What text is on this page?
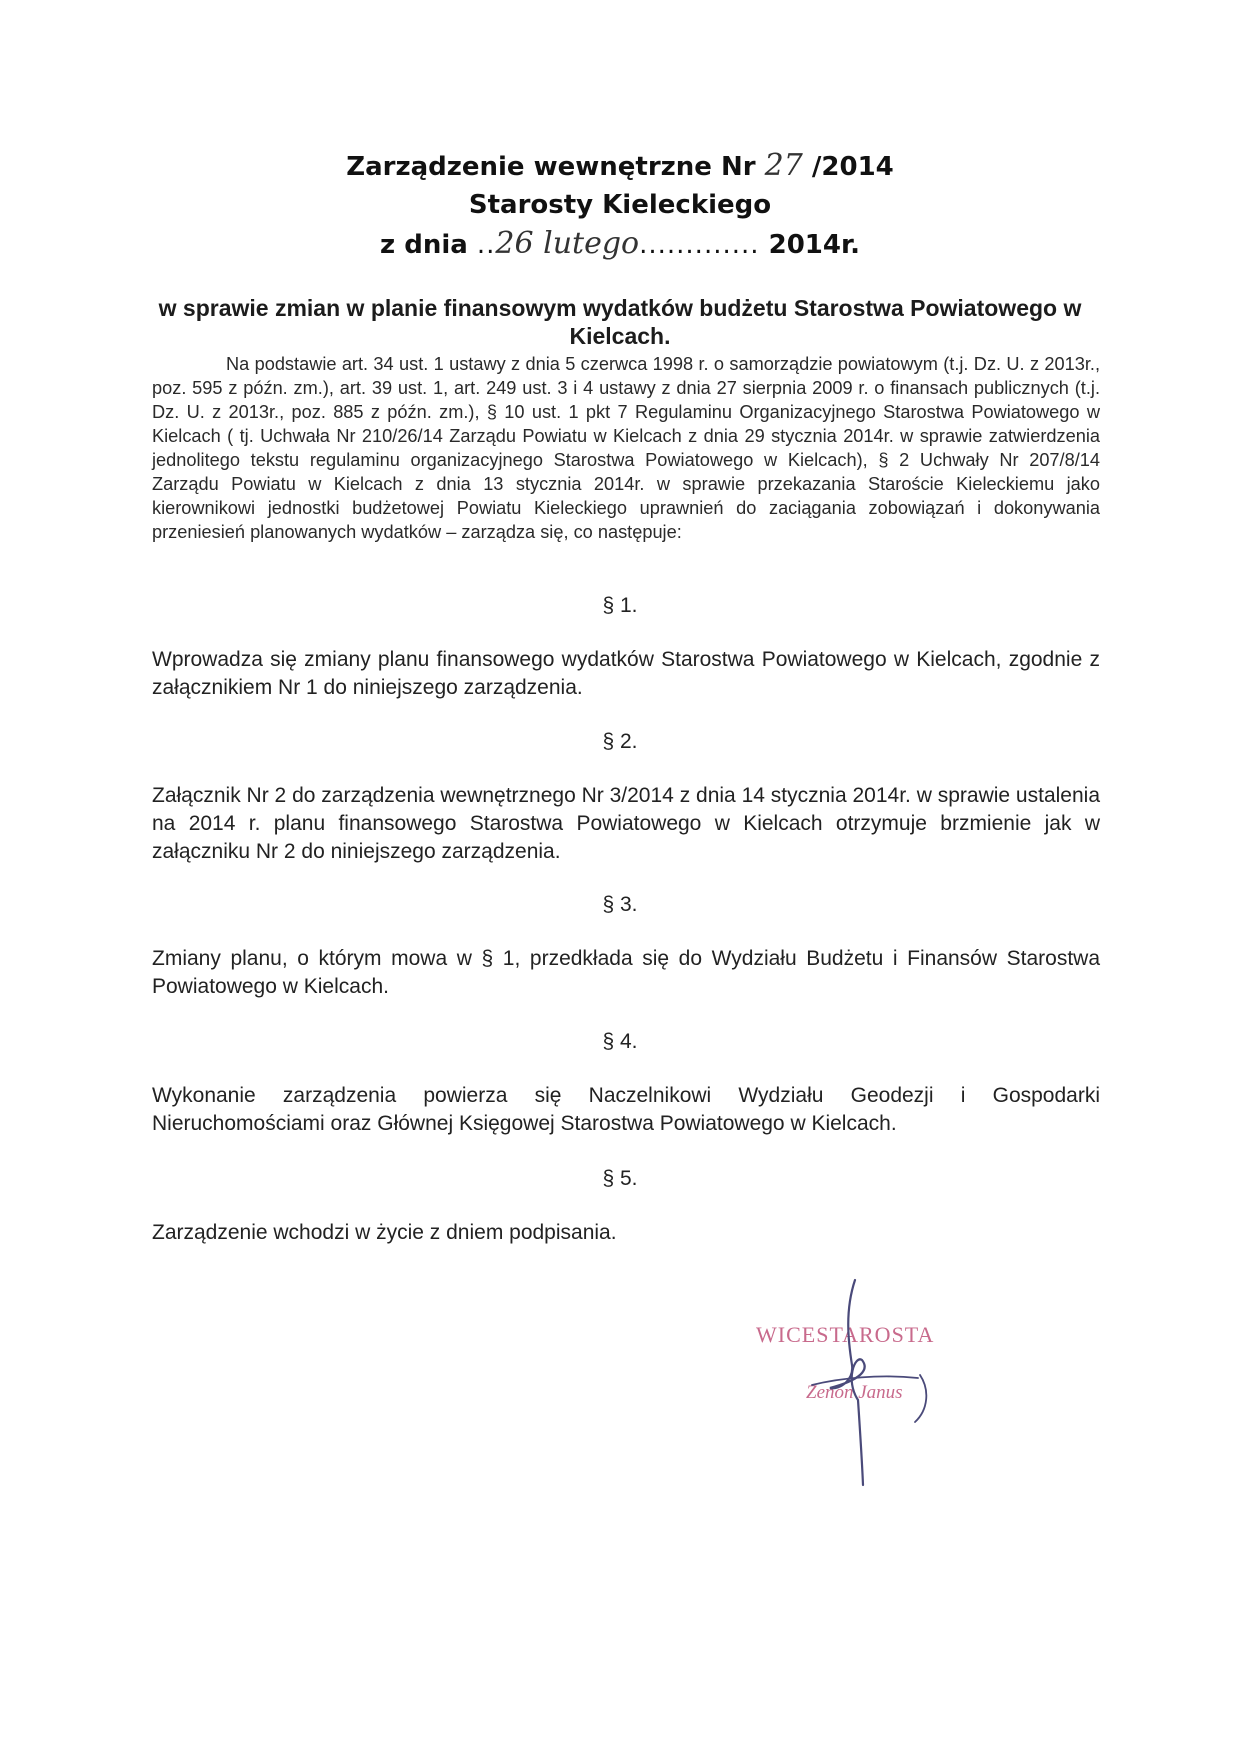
Zarządzenie wewnętrzne Nr 27 /2014
Starosty Kieleckiego
z dnia ..26 lutego............. 2014r.
w sprawie zmian w planie finansowym wydatków budżetu Starostwa Powiatowego w Kielcach.
Na podstawie art. 34 ust. 1 ustawy z dnia 5 czerwca 1998 r. o samorządzie powiatowym (t.j. Dz. U. z 2013r., poz. 595 z późn. zm.), art. 39 ust. 1, art. 249 ust. 3 i 4 ustawy z dnia 27 sierpnia 2009 r. o finansach publicznych (t.j. Dz. U. z 2013r., poz. 885 z późn. zm.), § 10 ust. 1 pkt 7 Regulaminu Organizacyjnego Starostwa Powiatowego w Kielcach ( tj. Uchwała Nr 210/26/14 Zarządu Powiatu w Kielcach z dnia 29 stycznia 2014r. w sprawie zatwierdzenia jednolitego tekstu regulaminu organizacyjnego Starostwa Powiatowego w Kielcach), § 2 Uchwały Nr 207/8/14 Zarządu Powiatu w Kielcach z dnia 13 stycznia 2014r. w sprawie przekazania Staroście Kieleckiemu jako kierownikowi jednostki budżetowej Powiatu Kieleckiego uprawnień do zaciągania zobowiązań i dokonywania przeniesień planowanych wydatków – zarządza się, co następuje:
§ 1.
Wprowadza się zmiany planu finansowego wydatków Starostwa Powiatowego w Kielcach, zgodnie z załącznikiem Nr 1 do niniejszego zarządzenia.
§ 2.
Załącznik Nr 2 do zarządzenia wewnętrznego Nr 3/2014 z dnia 14 stycznia 2014r. w sprawie ustalenia na 2014 r. planu finansowego Starostwa Powiatowego w Kielcach otrzymuje brzmienie jak w załączniku Nr 2 do niniejszego zarządzenia.
§ 3.
Zmiany planu, o którym mowa w § 1, przedkłada się do Wydziału Budżetu i Finansów Starostwa Powiatowego w Kielcach.
§ 4.
Wykonanie zarządzenia powierza się Naczelnikowi Wydziału Geodezji i Gospodarki Nieruchomościami oraz Głównej Księgowej Starostwa Powiatowego w Kielcach.
§ 5.
Zarządzenie wchodzi w życie z dniem podpisania.
WICESTAROSTA
Zenon Janus
